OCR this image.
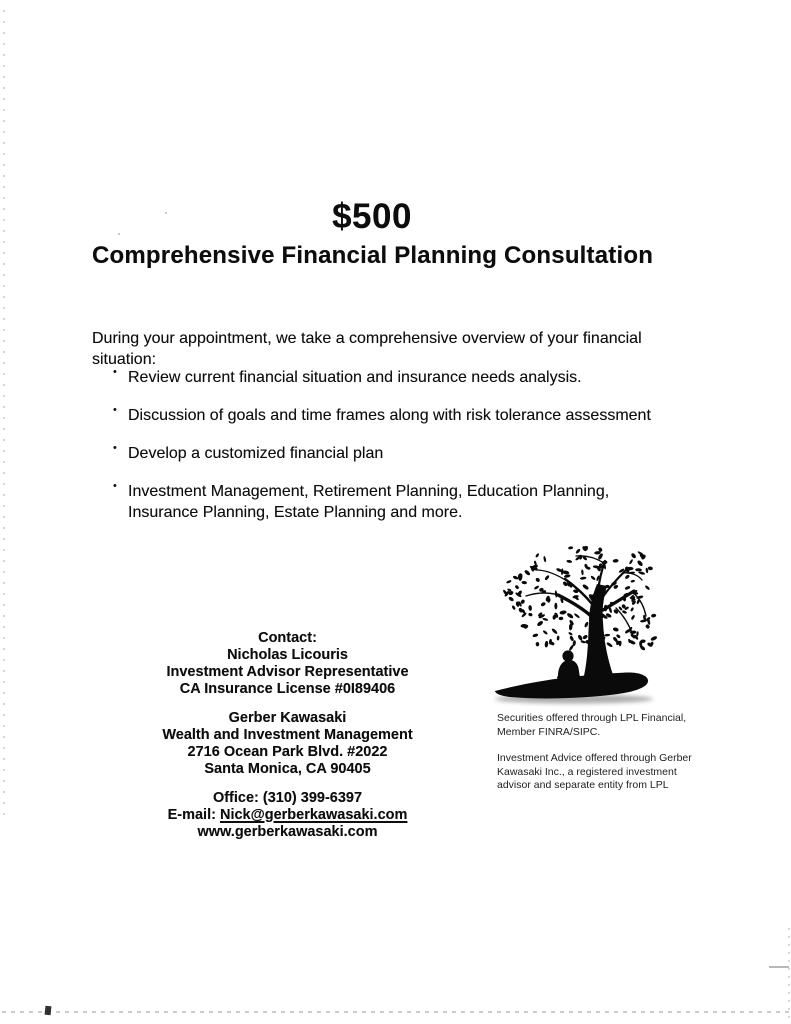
$500
Comprehensive Financial Planning Consultation

During your appointment, we take a comprehensive overview of your financial situation:

• Review current financial situation and insurance needs analysis.
• Discussion of goals and time frames along with risk tolerance assessment
• Develop a customized financial plan
• Investment Management, Retirement Planning, Education Planning, Insurance Planning, Estate Planning and more.
Contact:
Nicholas Licouris
Investment Advisor Representative
CA Insurance License #0I89406
Gerber Kawasaki
Wealth and Investment Management
2716 Ocean Park Blvd. #2022
Santa Monica, CA 90405
Office: (310) 399-6397
E-mail: Nick@gerberkawasaki.com
www.gerberkawasaki.com

Securities offered through LPL Financial, Member FINRA/SIPC.

Investment Advice offered through Gerber Kawasaki Inc., a registered investment advisor and separate entity from LPL
